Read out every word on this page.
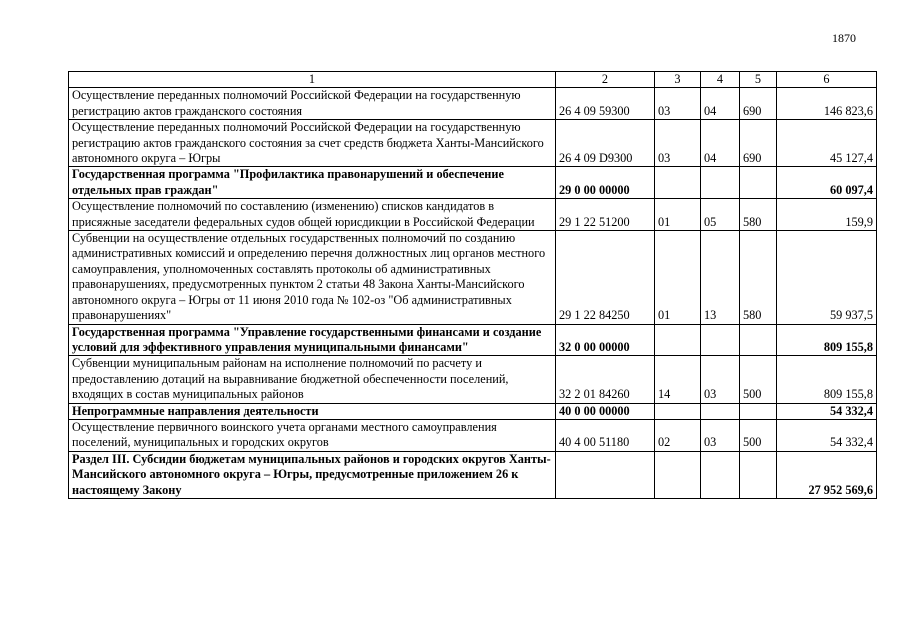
1870
1	2	3	4	5	6
Осуществление переданных полномочий Российской Федерации на государственную регистрацию актов гражданского состояния	26 4 09 59300	03	04	690	146 823,6
Осуществление переданных полномочий Российской Федерации на государственную регистрацию актов гражданского состояния за счет средств бюджета Ханты-Мансийского автономного округа – Югры	26 4 09 D9300	03	04	690	45 127,4
Государственная программа "Профилактика правонарушений и обеспечение отдельных прав граждан"	29 0 00 00000				60 097,4
Осуществление полномочий по составлению (изменению) списков кандидатов в присяжные заседатели федеральных судов общей юрисдикции в Российской Федерации	29 1 22 51200	01	05	580	159,9
Субвенции на осуществление отдельных государственных полномочий по созданию административных комиссий и определению перечня должностных лиц органов местного самоуправления, уполномоченных составлять протоколы об административных правонарушениях, предусмотренных пунктом 2 статьи 48 Закона Ханты-Мансийского автономного округа – Югры от 11 июня 2010 года № 102-оз "Об административных правонарушениях"	29 1 22 84250	01	13	580	59 937,5
Государственная программа "Управление государственными финансами и создание условий для эффективного управления муниципальными финансами"	32 0 00 00000				809 155,8
Субвенции муниципальным районам на исполнение полномочий по расчету и предоставлению дотаций на выравнивание бюджетной обеспеченности поселений, входящих в состав муниципальных районов	32 2 01 84260	14	03	500	809 155,8
Непрограммные направления деятельности	40 0 00 00000				54 332,4
Осуществление первичного воинского учета органами местного самоуправления поселений, муниципальных и городских округов	40 4 00 51180	02	03	500	54 332,4
Раздел III. Субсидии бюджетам муниципальных районов и городских округов Ханты-Мансийского автономного округа – Югры, предусмотренные приложением 26 к настоящему Закону					27 952 569,6
